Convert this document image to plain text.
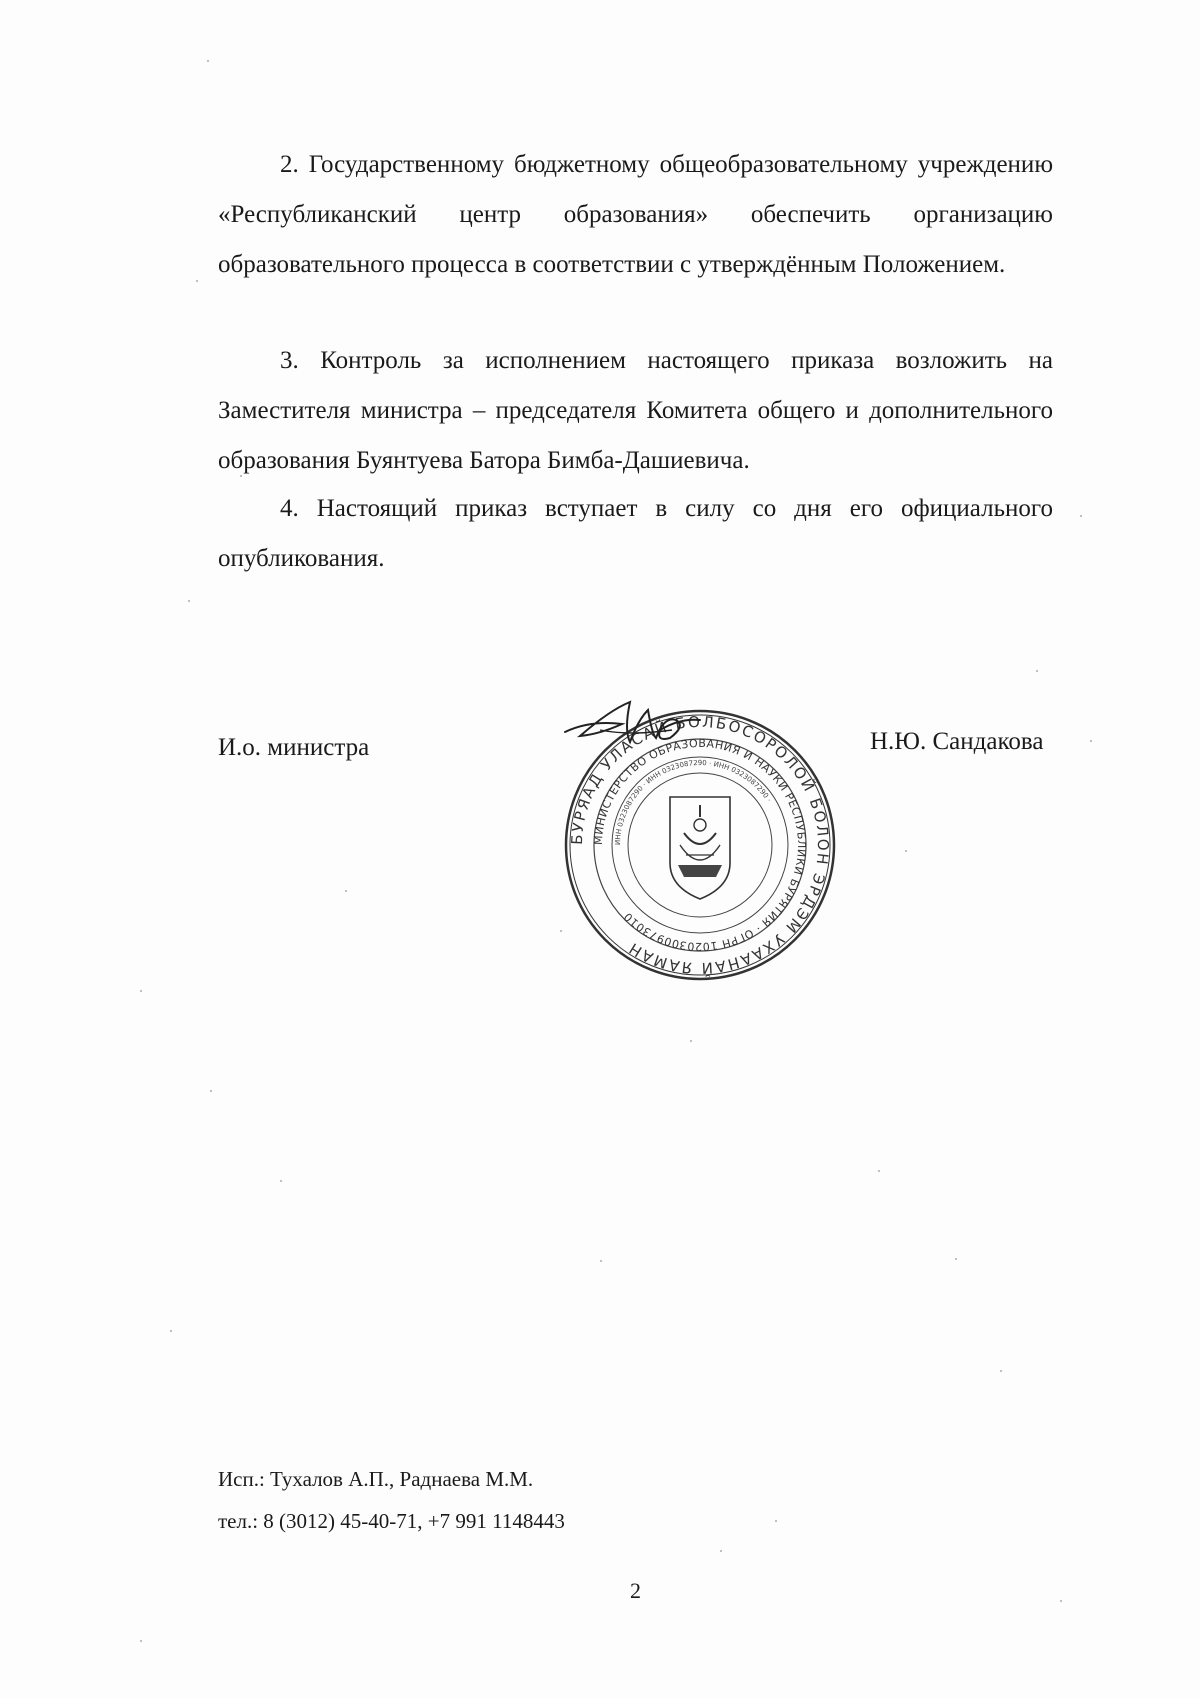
2. Государственному бюджетному общеобразовательному учреждению «Республиканский центр образования» обеспечить организацию образовательного процесса в соответствии с утверждённым Положением.

3. Контроль за исполнением настоящего приказа возложить на Заместителя министра – председателя Комитета общего и дополнительного образования Буянтуева Батора Бимба-Дашиевича.

4. Настоящий приказ вступает в силу со дня его официального опубликования.

И.о. министра	Н.Ю. Сандакова

БУРЯАД УЛАСАЙ БОЛБОСОРОЛОЙ БОЛОН ЭРДЭМ УХААНАЙ ЯАМАН
МИНИСТЕРСТВО ОБРАЗОВАНИЯ И НАУКИ РЕСПУБЛИКИ БУРЯТИЯ · ОГРН 1020300973010
ИНН 0323087290 · ИНН 0323087290 · ИНН 0323087290 ·

Исп.: Тухалов А.П., Раднаева М.М.

тел.: 8 (3012) 45-40-71, +7 991 1148443

2
